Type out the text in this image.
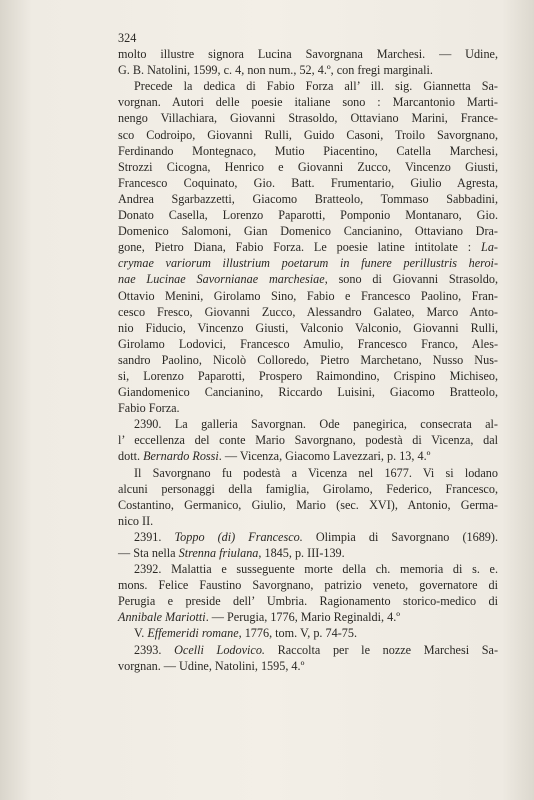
324
molto illustre signora Lucina Savorgnana Marchesi. — Udine,
G. B. Natolini, 1599, c. 4, non num., 52, 4.º, con fregi marginali.
Precede la dedica di Fabio Forza all’ ill. sig. Giannetta Sa-
vorgnan. Autori delle poesie italiane sono : Marcantonio Marti-
nengo Villachiara, Giovanni Strasoldo, Ottaviano Marini, France-
sco Codroipo, Giovanni Rulli, Guido Casoni, Troilo Savorgnano,
Ferdinando Montegnaco, Mutio Piacentino, Catella Marchesi,
Strozzi Cicogna, Henrico e Giovanni Zucco, Vincenzo Giusti,
Francesco Coquinato, Gio. Batt. Frumentario, Giulio Agresta,
Andrea Sgarbazzetti, Giacomo Bratteolo, Tommaso Sabbadini,
Donato Casella, Lorenzo Paparotti, Pomponio Montanaro, Gio.
Domenico Salomoni, Gian Domenico Cancianino, Ottaviano Dra-
gone, Pietro Diana, Fabio Forza. Le poesie latine intitolate : La-
crymae variorum illustrium poetarum in funere perillustris heroi-
nae Lucinae Savornianae marchesiae, sono di Giovanni Strasoldo,
Ottavio Menini, Girolamo Sino, Fabio e Francesco Paolino, Fran-
cesco Fresco, Giovanni Zucco, Alessandro Galateo, Marco Anto-
nio Fiducio, Vincenzo Giusti, Valconio Valconio, Giovanni Rulli,
Girolamo Lodovici, Francesco Amulio, Francesco Franco, Ales-
sandro Paolino, Nicolò Colloredo, Pietro Marchetano, Nusso Nus-
si, Lorenzo Paparotti, Prospero Raimondino, Crispino Michiseo,
Giandomenico Cancianino, Riccardo Luisini, Giacomo Bratteolo,
Fabio Forza.
2390. La galleria Savorgnan. Ode panegirica, consecrata al-
l’ eccellenza del conte Mario Savorgnano, podestà di Vicenza, dal
dott. Bernardo Rossi. — Vicenza, Giacomo Lavezzari, p. 13, 4.º
Il Savorgnano fu podestà a Vicenza nel 1677. Vi si lodano
alcuni personaggi della famiglia, Girolamo, Federico, Francesco,
Costantino, Germanico, Giulio, Mario (sec. XVI), Antonio, Germa-
nico II.
2391. Toppo (di) Francesco. Olimpia di Savorgnano (1689).
— Sta nella Strenna friulana, 1845, p. III-139.
2392. Malattia e susseguente morte della ch. memoria di s. e.
mons. Felice Faustino Savorgnano, patrizio veneto, governatore di
Perugia e preside dell’ Umbria. Ragionamento storico-medico di
Annibale Mariotti. — Perugia, 1776, Mario Reginaldi, 4.º
V. Effemeridi romane, 1776, tom. V, p. 74-75.
2393. Ocelli Lodovico. Raccolta per le nozze Marchesi Sa-
vorgnan. — Udine, Natolini, 1595, 4.º
